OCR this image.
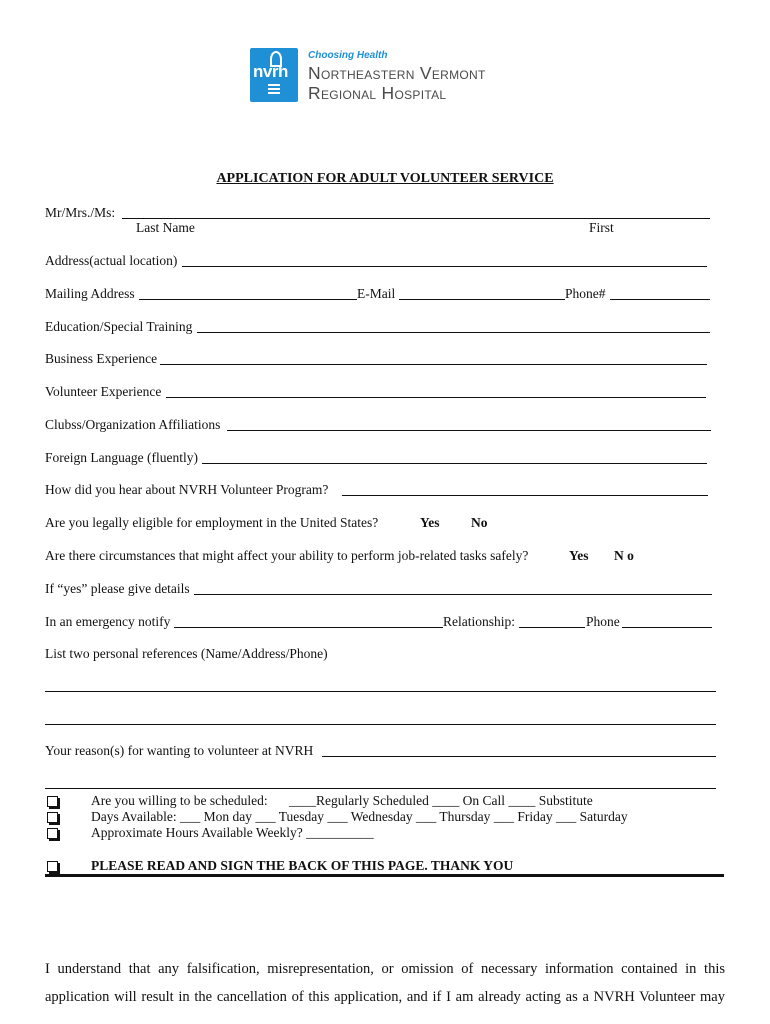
nvrh
Choosing Health
Northeastern Vermont
Regional Hospital
APPLICATION FOR ADULT VOLUNTEER SERVICE
Mr/Mrs./Ms:
Last Name	First
Address(actual location)
Mailing Address	E-Mail	Phone#
Education/Special Training
Business Experience
Volunteer Experience
Clubss/Organization Affiliations
Foreign Language (fluently)
How did you hear about NVRH Volunteer Program?
Are you legally eligible for employment in the United States?	Yes No
Are there circumstances that might affect your ability to perform job-related tasks safely?	Yes N o
If “yes” please give details
In an emergency notify	Relationship:	Phone
List two personal references (Name/Address/Phone)
Your reason(s) for wanting to volunteer at NVRH
Are you willing to be scheduled: ____Regularly Scheduled ____ On Call ____ Substitute
Days Available: ___ Mon day ___ Tuesday ___ Wednesday ___ Thursday ___ Friday ___ Saturday
Approximate Hours Available Weekly? __________
PLEASE READ AND SIGN THE BACK OF THIS PAGE. THANK YOU
I understand that any falsification, misrepresentation, or omission of necessary information contained in this
application will result in the cancellation of this application, and if I am already acting as a NVRH Volunteer may
